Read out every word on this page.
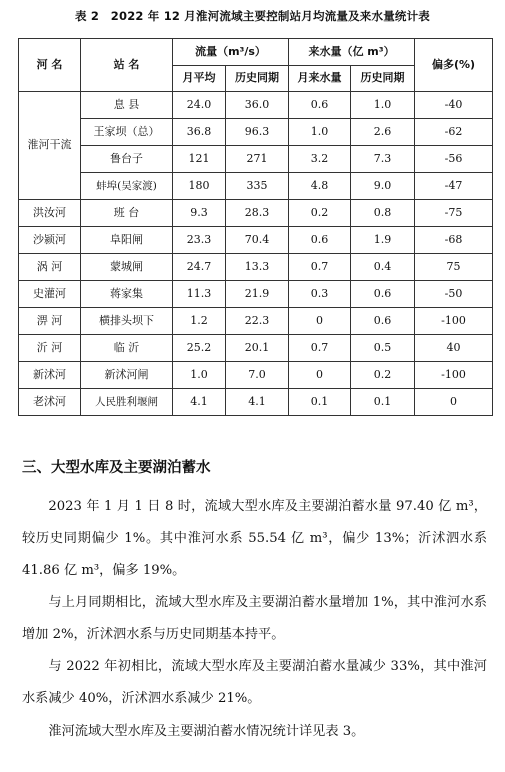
表 2　2022 年 12 月淮河流域主要控制站月均流量及来水量统计表
河 名	站 名	流量（m³/s）		来水量（亿 m³）		偏多(%)
		月平均	历史同期	月来水量	历史同期	
淮河干流	息 县	24.0	36.0	0.6	1.0	-40
	王家坝（总）	36.8	96.3	1.0	2.6	-62
	鲁台子	121	271	3.2	7.3	-56
	蚌埠(吴家渡)	180	335	4.8	9.0	-47
洪汝河	班 台	9.3	28.3	0.2	0.8	-75
沙颍河	阜阳闸	23.3	70.4	0.6	1.9	-68
涡 河	蒙城闸	24.7	13.3	0.7	0.4	75
史灌河	蒋家集	11.3	21.9	0.3	0.6	-50
淠 河	横排头坝下	1.2	22.3	0	0.6	-100
沂 河	临 沂	25.2	20.1	0.7	0.5	40
新沭河	新沭河闸	1.0	7.0	0	0.2	-100
老沭河	人民胜利堰闸	4.1	4.1	0.1	0.1	0
三、大型水库及主要湖泊蓄水

2023 年 1 月 1 日 8 时，流域大型水库及主要湖泊蓄水量 97.40 亿 m³，较历史同期偏少 1%。其中淮河水系 55.54 亿 m³，偏少 13%；沂沭泗水系 41.86 亿 m³，偏多 19%。

与上月同期相比，流域大型水库及主要湖泊蓄水量增加 1%，其中淮河水系增加 2%，沂沭泗水系与历史同期基本持平。

与 2022 年初相比，流域大型水库及主要湖泊蓄水量减少 33%，其中淮河水系减少 40%，沂沭泗水系减少 21%。

淮河流域大型水库及主要湖泊蓄水情况统计详见表 3。
